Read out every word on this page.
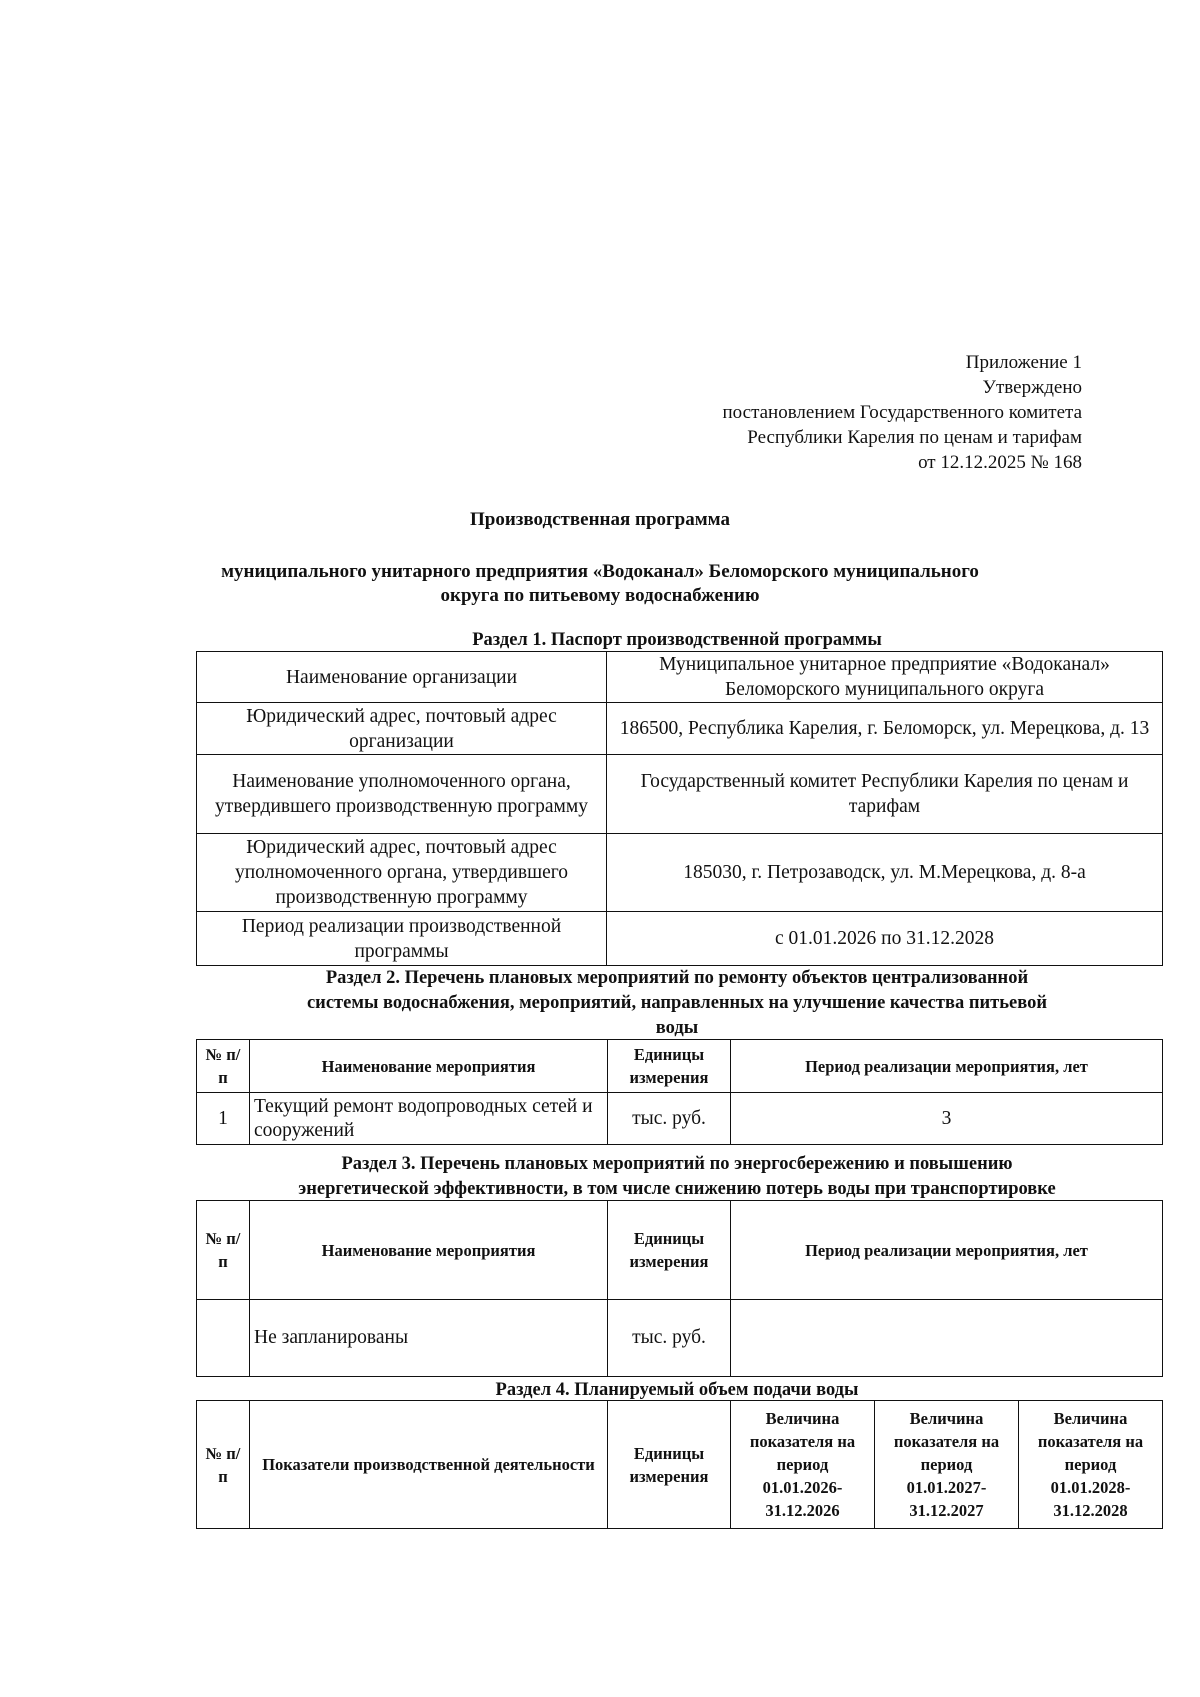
Приложение 1
Утверждено
постановлением Государственного комитета
Республики Карелия по ценам и тарифам
от 12.12.2025 № 168
Производственная программа
муниципального унитарного предприятия «Водоканал» Беломорского муниципального
округа по питьевому водоснабжению
Раздел 1. Паспорт производственной программы
Наименование организации	Муниципальное унитарное предприятие «Водоканал» Беломорского муниципального округа
Юридический адрес, почтовый адрес организации	186500, Республика Карелия, г. Беломорск, ул. Мерецкова, д. 13
Наименование уполномоченного органа, утвердившего производственную программу	Государственный комитет Республики Карелия по ценам и тарифам
Юридический адрес, почтовый адрес уполномоченного органа, утвердившего производственную программу	185030, г. Петрозаводск, ул. М.Мерецкова, д. 8-а
Период реализации производственной программы	с 01.01.2026 по 31.12.2028
Раздел 2. Перечень плановых мероприятий по ремонту объектов централизованной
системы водоснабжения, мероприятий, направленных на улучшение качества питьевой
воды
№ п/п	Наименование мероприятия	Единицы измерения	Период реализации мероприятия, лет
1	Текущий ремонт водопроводных сетей и сооружений	тыс. руб.	3
Раздел 3. Перечень плановых мероприятий по энергосбережению и повышению
энергетической эффективности, в том числе снижению потерь воды при транспортировке
№ п/п	Наименование мероприятия	Единицы измерения	Период реализации мероприятия, лет
	Не запланированы	тыс. руб.	
Раздел 4. Планируемый объем подачи воды
№ п/п	Показатели производственной деятельности	Единицы измерения	Величина показателя на период 01.01.2026-31.12.2026	Величина показателя на период 01.01.2027-31.12.2027	Величина показателя на период 01.01.2028-31.12.2028
